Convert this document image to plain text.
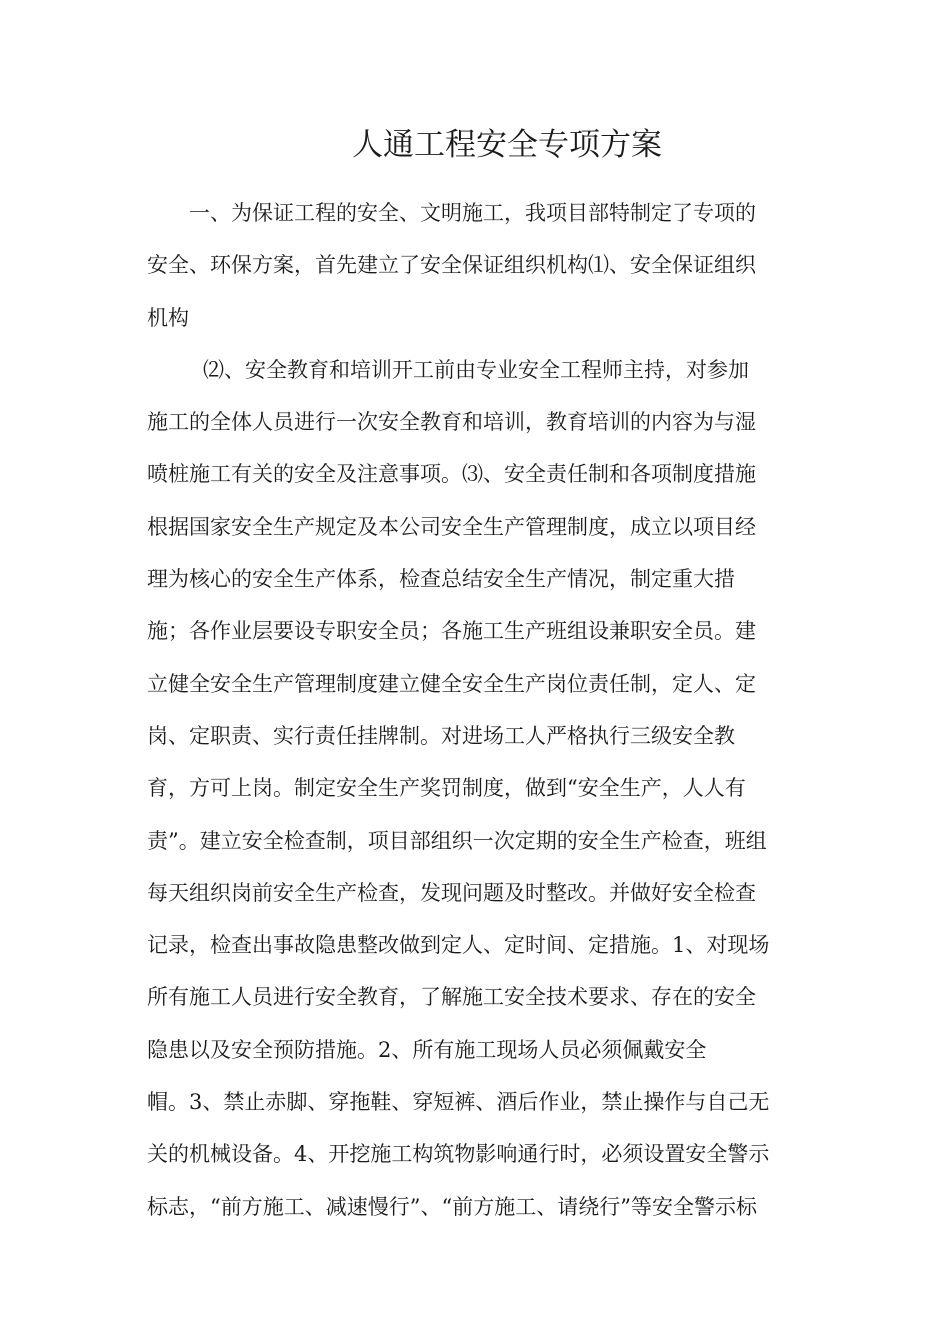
人通工程安全专项方案
一、为保证工程的安全、文明施工，我项目部特制定了专项的
安全、环保方案，首先建立了安全保证组织机构⑴、安全保证组织
机构
⑵、安全教育和培训开工前由专业安全工程师主持，对参加
施工的全体人员进行一次安全教育和培训，教育培训的内容为与湿
喷桩施工有关的安全及注意事项。⑶、安全责任制和各项制度措施
根据国家安全生产规定及本公司安全生产管理制度，成立以项目经
理为核心的安全生产体系，检查总结安全生产情况，制定重大措
施；各作业层要设专职安全员；各施工生产班组设兼职安全员。建
立健全安全生产管理制度建立健全安全生产岗位责任制，定人、定
岗、定职责、实行责任挂牌制。对进场工人严格执行三级安全教
育，方可上岗。制定安全生产奖罚制度，做到“安全生产，人人有
责”。建立安全检查制，项目部组织一次定期的安全生产检查，班组
每天组织岗前安全生产检查，发现问题及时整改。并做好安全检查
记录，检查出事故隐患整改做到定人、定时间、定措施。1、对现场
所有施工人员进行安全教育，了解施工安全技术要求、存在的安全
隐患以及安全预防措施。2、所有施工现场人员必须佩戴安全
帽。3、禁止赤脚、穿拖鞋、穿短裤、酒后作业，禁止操作与自己无
关的机械设备。4、开挖施工构筑物影响通行时，必须设置安全警示
标志，“前方施工、减速慢行”、“前方施工、请绕行”等安全警示标
